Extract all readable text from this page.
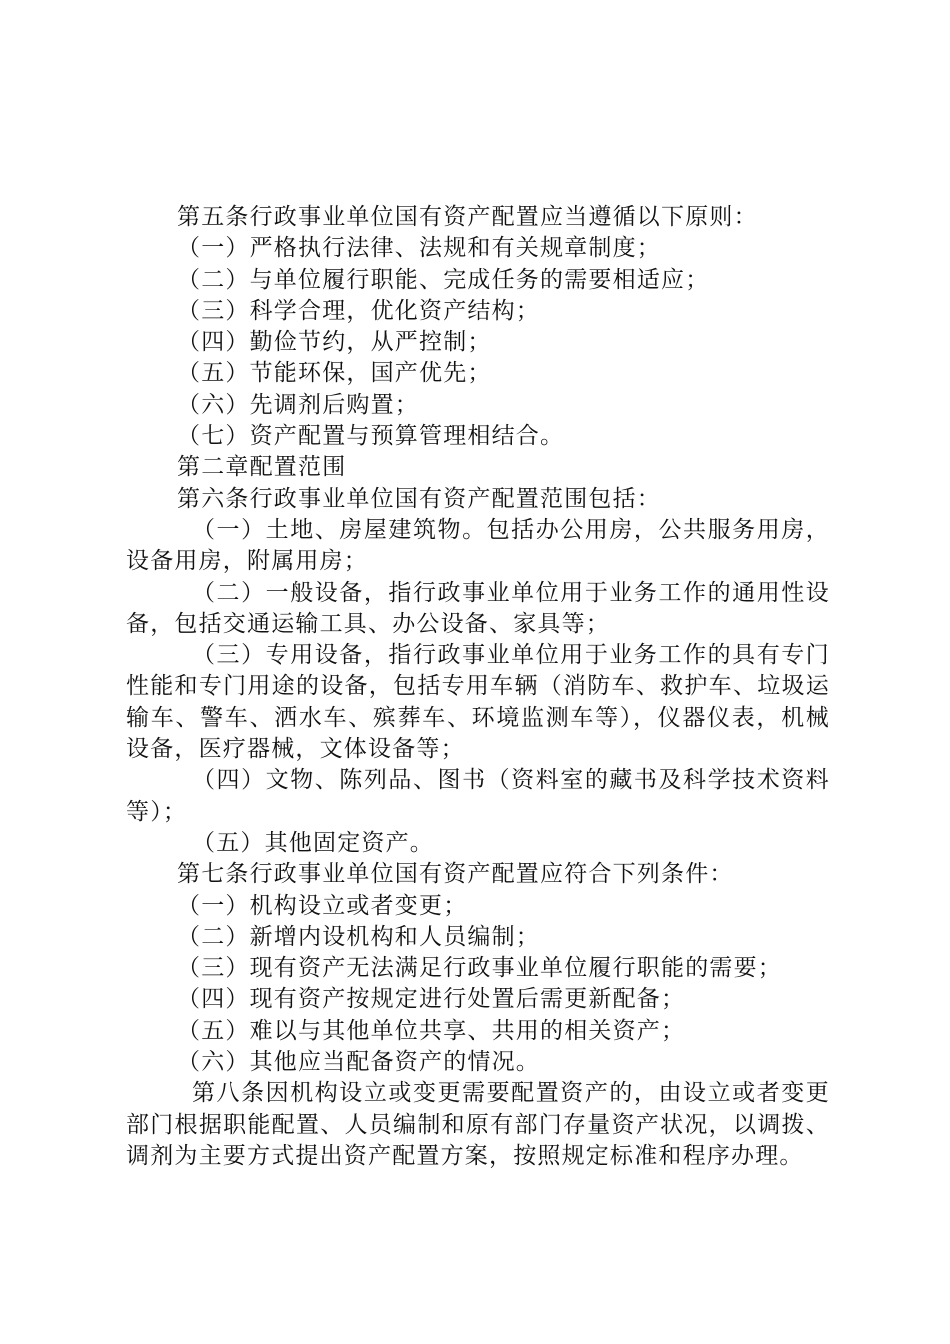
第五条行政事业单位国有资产配置应当遵循以下原则：

（一）严格执行法律、法规和有关规章制度；

（二）与单位履行职能、完成任务的需要相适应；

（三）科学合理，优化资产结构；

（四）勤俭节约，从严控制；

（五）节能环保，国产优先；

（六）先调剂后购置；

（七）资产配置与预算管理相结合。

第二章配置范围

第六条行政事业单位国有资产配置范围包括：

（一）土地、房屋建筑物。包括办公用房，公共服务用房，设备用房，附属用房；

（二）一般设备，指行政事业单位用于业务工作的通用性设备，包括交通运输工具、办公设备、家具等；

（三）专用设备，指行政事业单位用于业务工作的具有专门性能和专门用途的设备，包括专用车辆（消防车、救护车、垃圾运输车、警车、洒水车、殡葬车、环境监测车等），仪器仪表，机械设备，医疗器械，文体设备等；

（四）文物、陈列品、图书（资料室的藏书及科学技术资料等）；

（五）其他固定资产。

第七条行政事业单位国有资产配置应符合下列条件：

（一）机构设立或者变更；

（二）新增内设机构和人员编制；

（三）现有资产无法满足行政事业单位履行职能的需要；

（四）现有资产按规定进行处置后需更新配备；

（五）难以与其他单位共享、共用的相关资产；

（六）其他应当配备资产的情况。

第八条因机构设立或变更需要配置资产的，由设立或者变更部门根据职能配置、人员编制和原有部门存量资产状况，以调拨、调剂为主要方式提出资产配置方案，按照规定标准和程序办理。
